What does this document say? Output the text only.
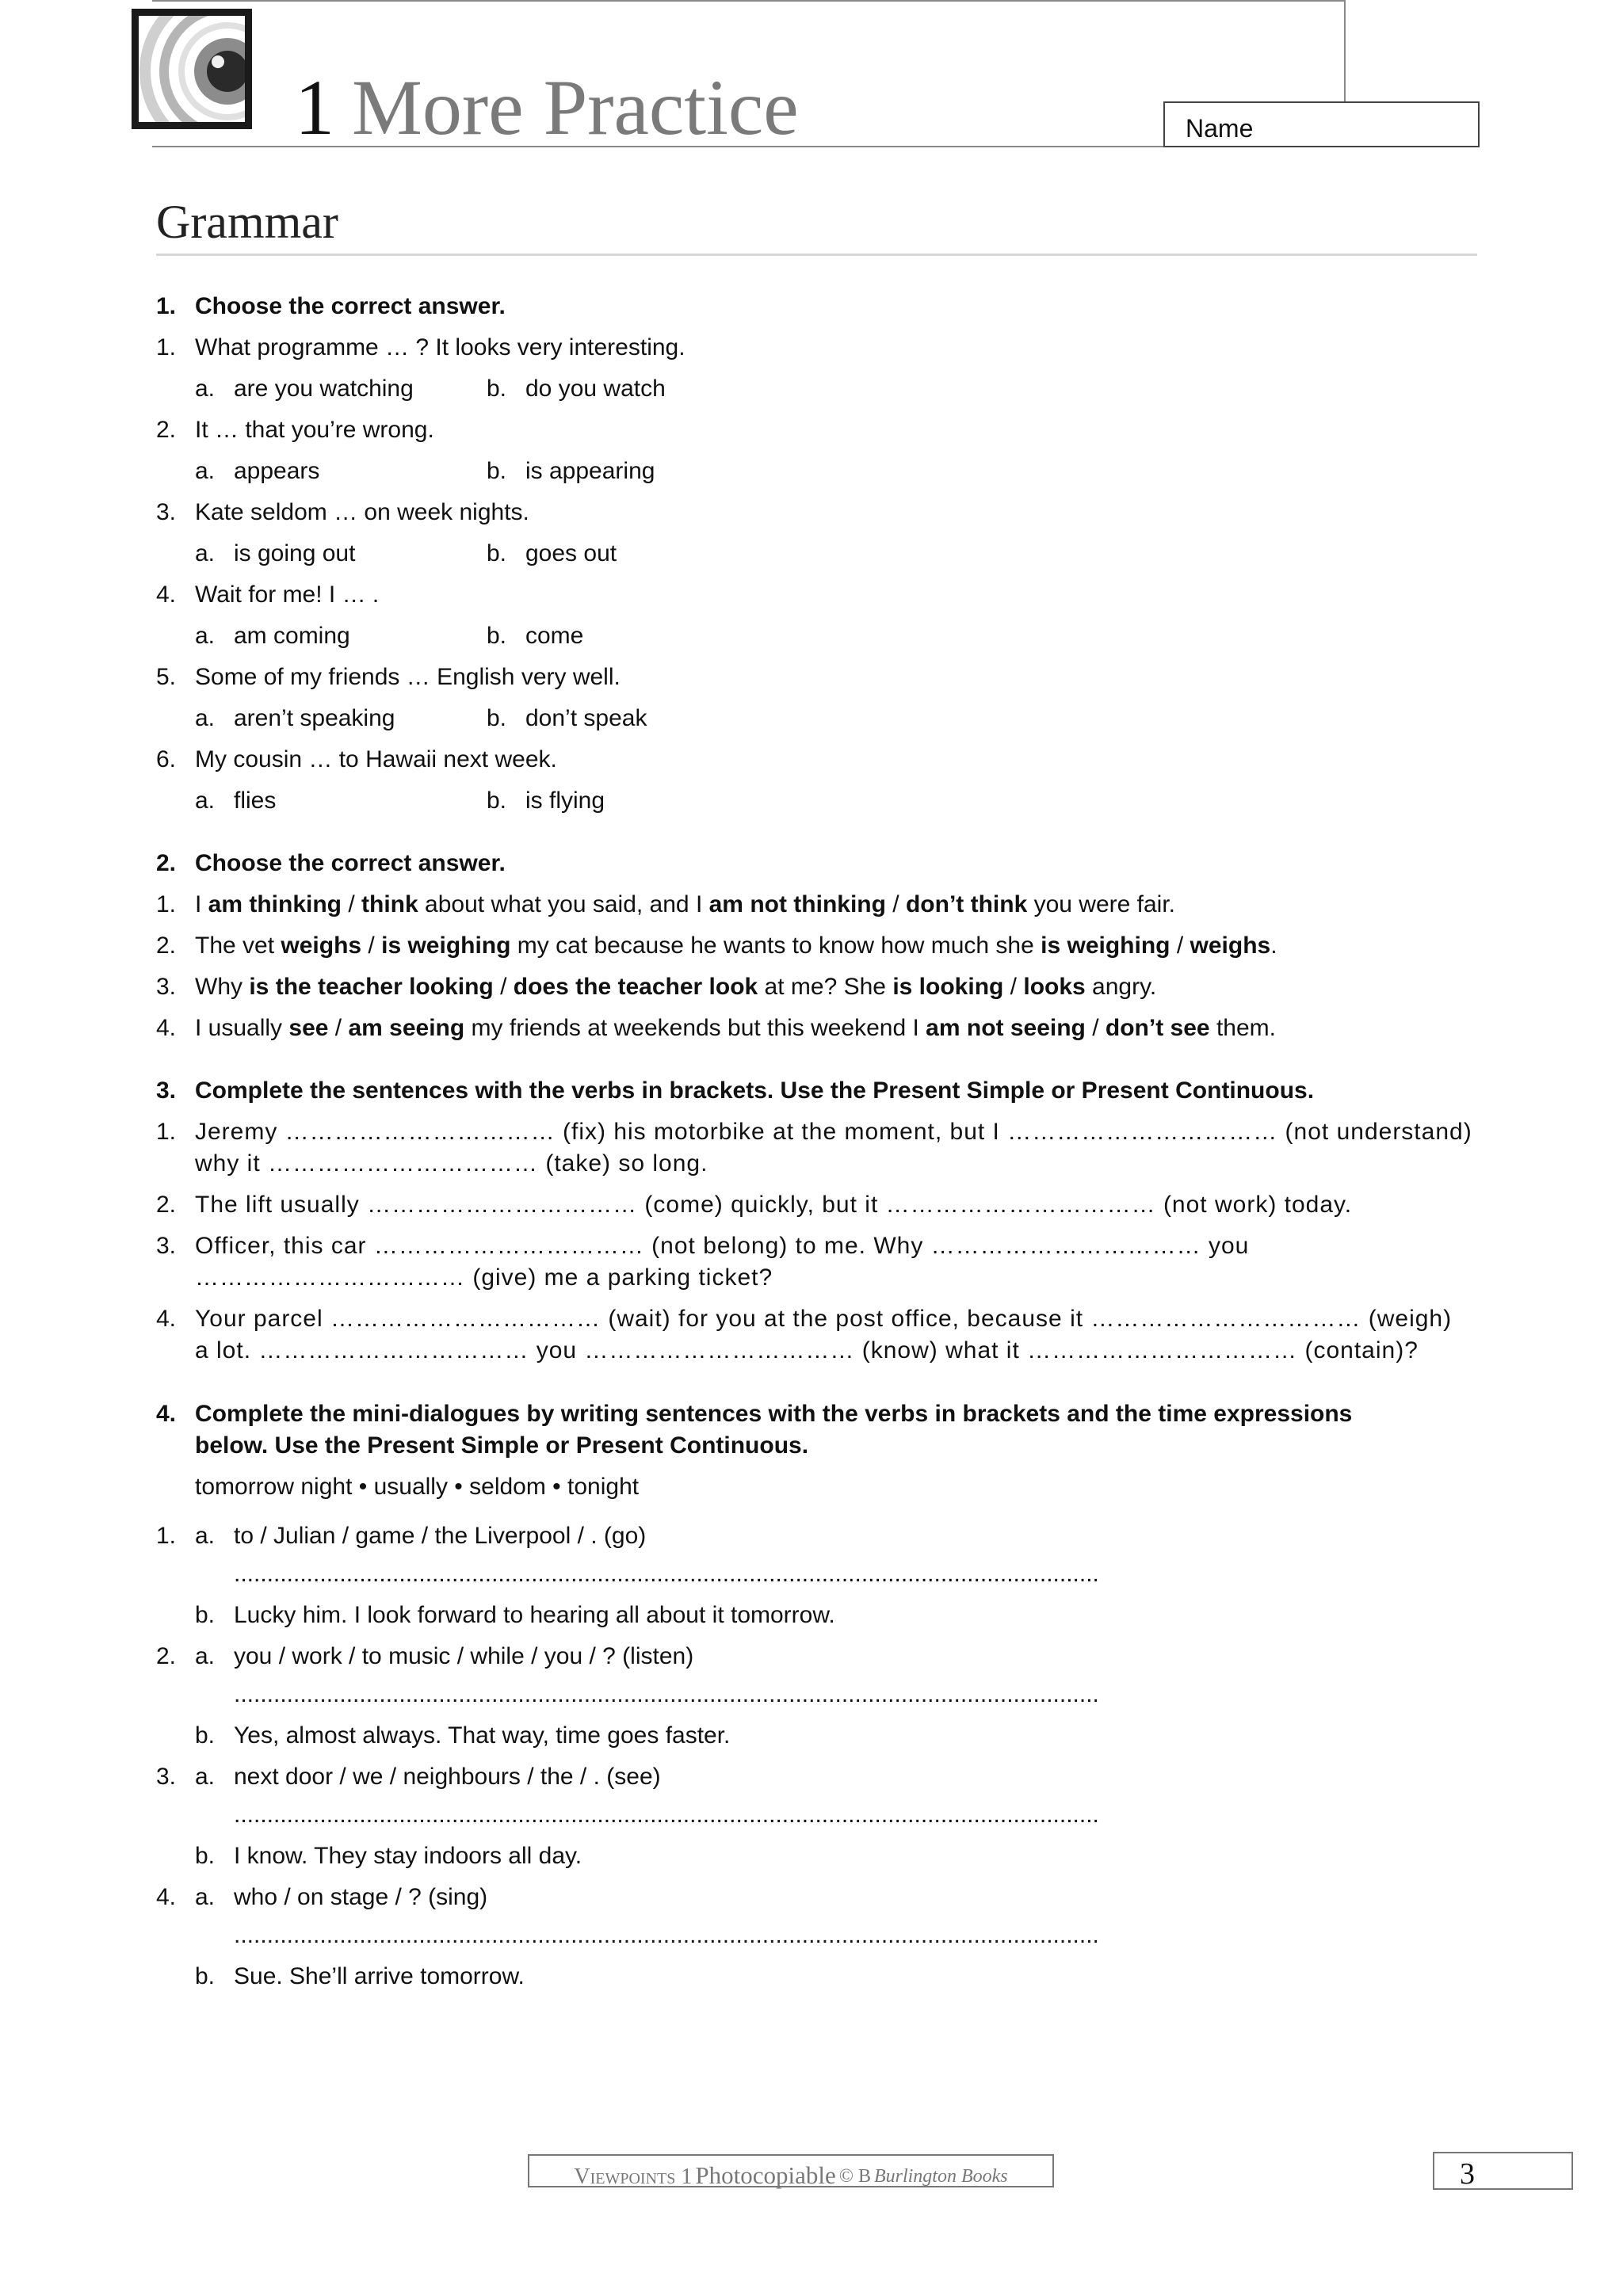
1 More Practice	Name
Grammar
1. Choose the correct answer.
1. What programme … ? It looks very interesting.
a. are you watching	b. do you watch
2. It … that you’re wrong.
a. appears	b. is appearing
3. Kate seldom … on week nights.
a. is going out	b. goes out
4. Wait for me! I … .
a. am coming	b. come
5. Some of my friends … English very well.
a. aren’t speaking	b. don’t speak
6. My cousin … to Hawaii next week.
a. flies	b. is flying
2. Choose the correct answer.
1. I am thinking / think about what you said, and I am not thinking / don’t think you were fair.
2. The vet weighs / is weighing my cat because he wants to know how much she is weighing / weighs.
3. Why is the teacher looking / does the teacher look at me? She is looking / looks angry.
4. I usually see / am seeing my friends at weekends but this weekend I am not seeing / don’t see them.
3. Complete the sentences with the verbs in brackets. Use the Present Simple or Present Continuous.
1. Jeremy …………………………… (fix) his motorbike at the moment, but I …………………………… (not understand)
why it …………………………… (take) so long.
2. The lift usually …………………………… (come) quickly, but it …………………………… (not work) today.
3. Officer, this car …………………………… (not belong) to me. Why …………………………… you
…………………………… (give) me a parking ticket?
4. Your parcel …………………………… (wait) for you at the post office, because it …………………………… (weigh)
a lot. …………………………… you …………………………… (know) what it …………………………… (contain)?
4. Complete the mini-dialogues by writing sentences with the verbs in brackets and the time expressions
below. Use the Present Simple or Present Continuous.
tomorrow night • usually • seldom • tonight
1. a. to / Julian / game / the Liverpool / . (go)
...................................................................................................................................
b. Lucky him. I look forward to hearing all about it tomorrow.
2. a. you / work / to music / while / you / ? (listen)
...................................................................................................................................
b. Yes, almost always. That way, time goes faster.
3. a. next door / we / neighbours / the / . (see)
...................................................................................................................................
b. I know. They stay indoors all day.
4. a. who / on stage / ? (sing)
...................................................................................................................................
b. Sue. She’ll arrive tomorrow.
Viewpoints 1 Photocopiable © B Burlington Books	3
